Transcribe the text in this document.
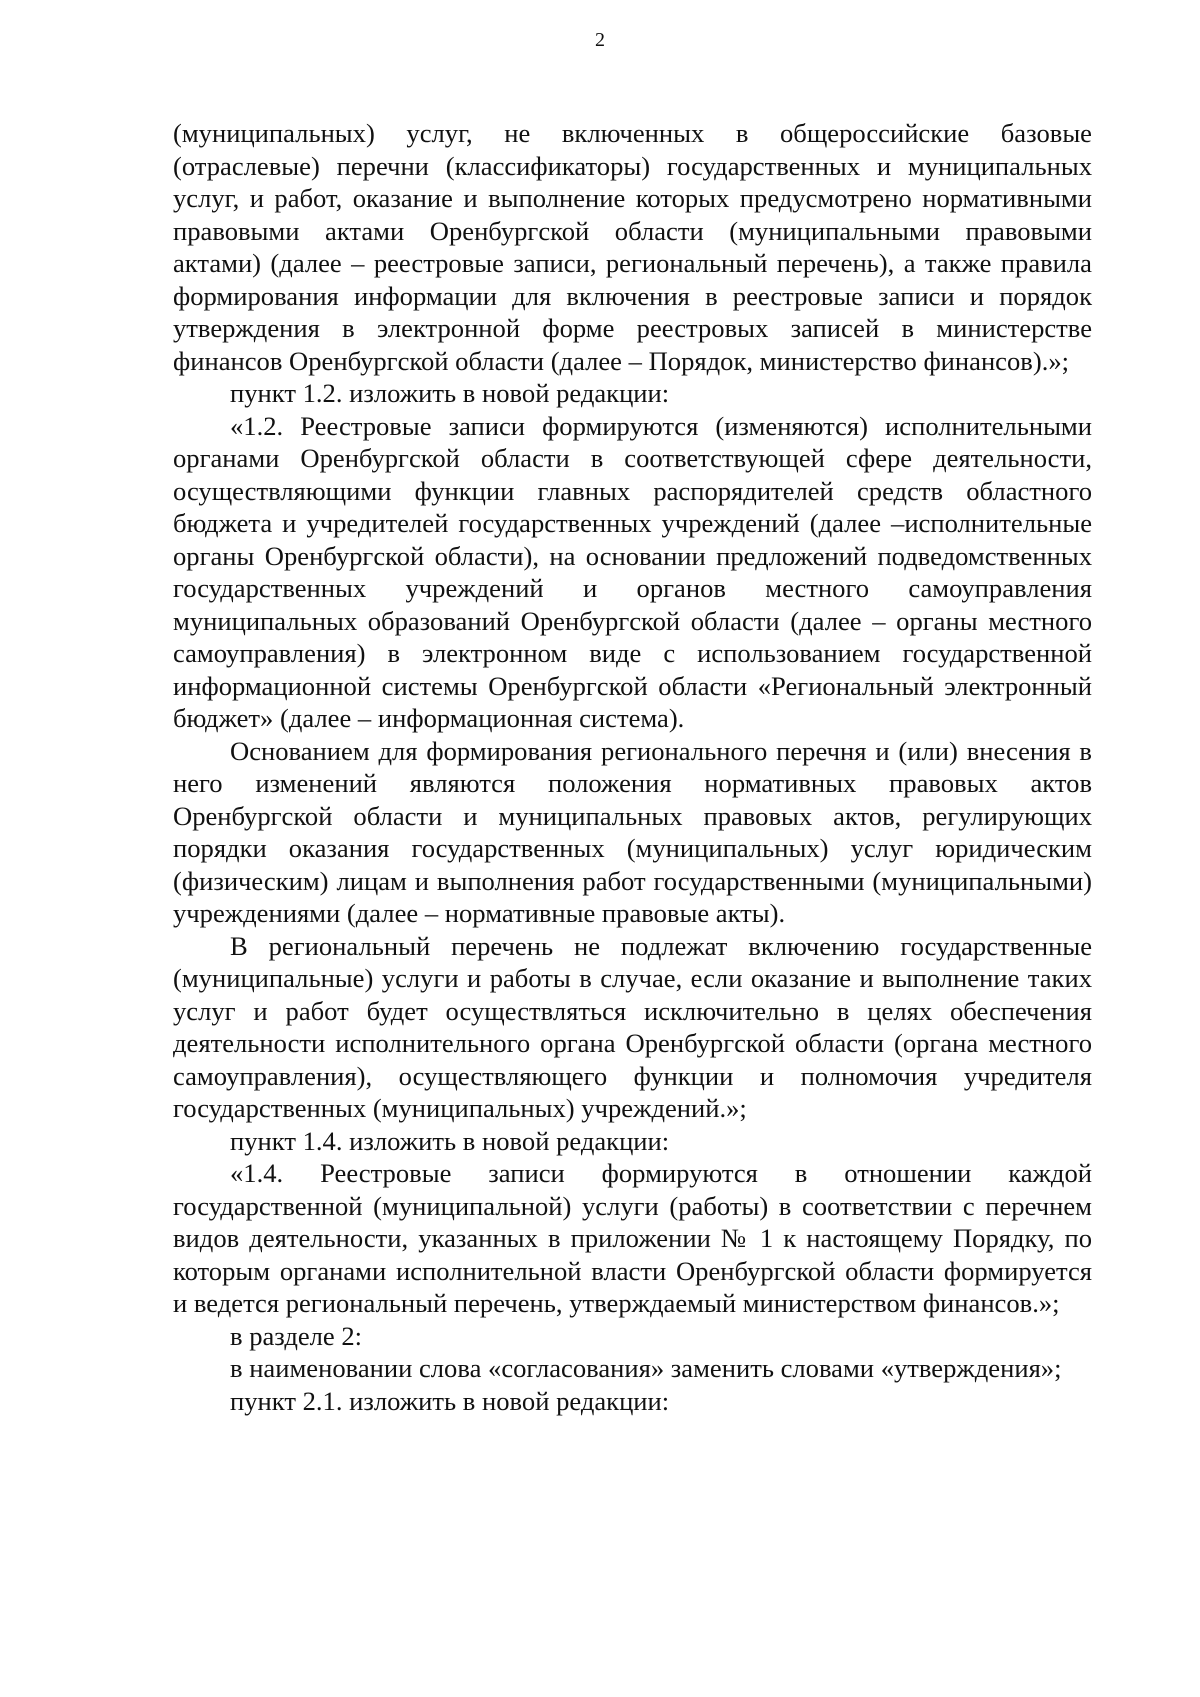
2

(муниципальных) услуг, не включенных в общероссийские базовые (отраслевые) перечни (классификаторы) государственных и муниципальных услуг, и работ, оказание и выполнение которых предусмотрено нормативными правовыми актами Оренбургской области (муниципальными правовыми актами) (далее – реестровые записи, региональный перечень), а также правила формирования информации для включения в реестровые записи и порядок утверждения в электронной форме реестровых записей в министерстве финансов Оренбургской области (далее – Порядок, министерство финансов).»;

пункт 1.2. изложить в новой редакции:

«1.2. Реестровые записи формируются (изменяются) исполнительными органами Оренбургской области в соответствующей сфере деятельности, осуществляющими функции главных распорядителей средств областного бюджета и учредителей государственных учреждений (далее –исполнительные органы Оренбургской области), на основании предложений подведомственных государственных учреждений и органов местного самоуправления муниципальных образований Оренбургской области (далее – органы местного самоуправления) в электронном виде с использованием государственной информационной системы Оренбургской области «Региональный электронный бюджет» (далее – информационная система).

Основанием для формирования регионального перечня и (или) внесения в него изменений являются положения нормативных правовых актов Оренбургской области и муниципальных правовых актов, регулирующих порядки оказания государственных (муниципальных) услуг юридическим (физическим) лицам и выполнения работ государственными (муниципальными) учреждениями (далее – нормативные правовые акты).

В региональный перечень не подлежат включению государственные (муниципальные) услуги и работы в случае, если оказание и выполнение таких услуг и работ будет осуществляться исключительно в целях обеспечения деятельности исполнительного органа Оренбургской области (органа местного самоуправления), осуществляющего функции и полномочия учредителя государственных (муниципальных) учреждений.»;

пункт 1.4. изложить в новой редакции:

«1.4. Реестровые записи формируются в отношении каждой государственной (муниципальной) услуги (работы) в соответствии с перечнем видов деятельности, указанных в приложении № 1 к настоящему Порядку, по которым органами исполнительной власти Оренбургской области формируется и ведется региональный перечень, утверждаемый министерством финансов.»;

в разделе 2:

в наименовании слова «согласования» заменить словами «утверждения»;

пункт 2.1. изложить в новой редакции:
